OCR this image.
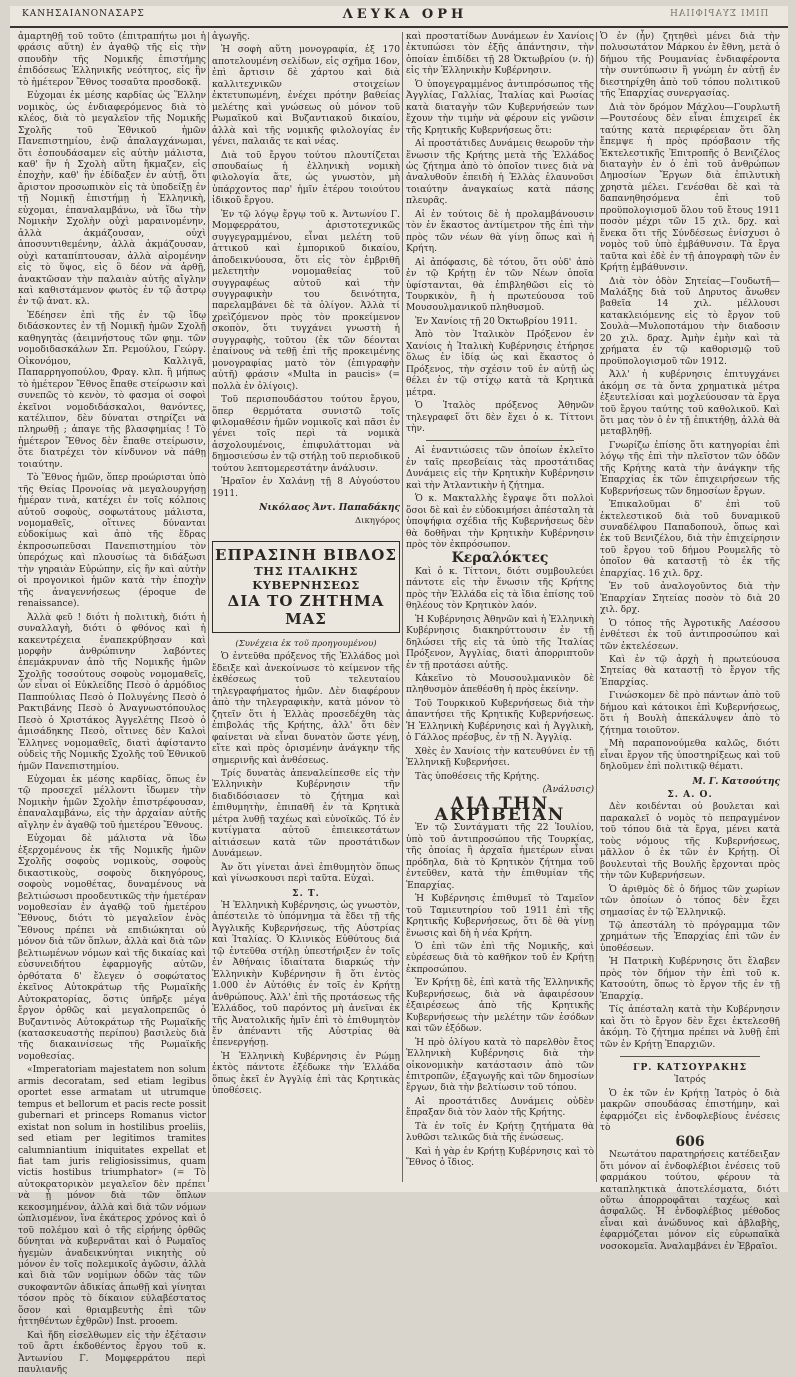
ΚΑΝΗΣΑΙΑΝΟΝΑΣΑΡΣ	ΛΕΥΚΑ ΟΡΗ	ΠΙΜΙ ΣΥΑΡΙΦΙΙΑΗ

ἀμαρτηθῇ τοῦ τοῦτο (ἐπιτραπήτω μοι ἡ φράσις αὕτη) ἐν ἀγαθῷ τῆς εἰς τὴν σπουδὴν τῆς Νομικῆς ἐπιστήμης ἐπιδόσεως Ἑλληνικῆς νεότητος, εἰς ἣν τὸ ἡμέτερον Ἔθνος τοσαῦτα προσδοκᾷ.

Εὐχομαι ἐκ μέσης καρδίας ὡς Ἕλλην νομικὸς, ὡς ἐνδιαφερόμενος διὰ τὸ κλέος, διὰ τὸ μεγαλεῖον τῆς Νομικῆς Σχολῆς τοῦ Ἐθνικοῦ ἡμῶν Πανεπιστημίου, ἐνῷ ἀπαλαγχάνωμαι, ὅτι ἐσπουδάσαμεν εἰς αὐτὴν μάλιστα, καθ' ἣν ἡ Σχολὴ αὕτη ἤκμαζεν, εἰς ἐποχὴν, καθ' ἣν ἐδίδαξεν ἐν αὐτῇ, ὅτι ἄριστον προσωπικὸν εἰς τὰ ὑποδείξῃ ἐν τῇ Νομικῇ ἐπιστήμῃ ἡ Ἑλληνικὴ, εὐχομαι, ἐπαναλαμβάνω, νὰ ἴδω τὴν Νομικὴν Σχολὴν οὐχὶ μαραινομένην, ἀλλὰ ἀκμάζουσαν, οὐχὶ ἀποσυντιθεμένην, ἀλλὰ ἀκμάζουσαν, οὐχὶ καταπίπτουσαν, ἀλλὰ αἰρομένην εἰς τὸ ὕψος, εἰς ὃ δέον νὰ ἀρθῇ, ἀνακτῶσαν τὴν παλαιὰν αὐτῆς αἴγλην καὶ καθιστάμενον φωτὸς ἐν τῷ ἄστρῳ ἐν τῷ ἀνατ. κλ.

Ἐδέησεν ἐπὶ τῆς ἐν τῷ ἴδῳ διδάσκοντες ἐν τῇ Νομικῇ ἡμῶν Σχολῇ καθηγητὰς (ἀειμνήστους τῶν φημ. τῶν νομοδιδασκάλων Σπ. Ρεμούλου, Γεώργ. Οἰκονόμου, Καλλιγᾶ, Παπαρρηγοπούλου, Φραγ. κλπ. ἢ μήπως τὸ ἡμέτερον Ἔθνος ἔπαθε στείρωσιν καὶ συνεπῶς τὸ κενὸν, τὸ φασμα οἱ σοφοὶ ἐκεῖνοι νομοδιδάσκαλοι, θανόντες, κατέλιπον, δὲν δύναται στηρίζει νὰ πληρωθῇ ; ἀπαγε τῆς βλασφημίας ! Τὸ ἡμέτερον Ἔθνος δὲν ἔπαθε στείρωσιν, ὅτε διατρέχει τὸν κίνδυνον νὰ πάθῃ τοιαύτην.

Τὸ Ἔθνος ἡμῶν, ὅπερ προώρισται ὑπὸ τῆς Θείας Προνοίας νὰ μεγαλουργήσῃ ἡμέραν τινὰ, κατέχει ἐν τοῖς κόλποις αὐτοῦ σοφοὺς, σοφωτάτους μάλιστα, νομομαθεῖς, οἵτινες δύνανται εὐδοκίμως καὶ ἀπὸ τῆς ἕδρας ἐκπροσωπεῦσαι Πανεπιστημίου τὸν ὑπερόχως καὶ πλουσίως τὰ διδάξωσι τὴν γηραιὰν Εὐρώπην, εἰς ἣν καὶ αὐτὴν οἱ προγονικοὶ ἡμῶν κατὰ τὴν ἐποχὴν τῆς ἀναγεννήσεως (époque de renaissance).

Ἀλλὰ φεῦ ! διότι ἡ πολιτικὴ, διότι ἡ συναλλαγὴ, διότι ὁ φθόνος καὶ ἡ κακεντρέχεια ἐναπεκρύβησαν καὶ μορφὴν ἀνθρώπινην λαβόντες ἐπεμάκρυναν ἀπὸ τῆς Νομικῆς ἡμῶν Σχολῆς τοσούτους σοφοὺς νομομαθεῖς, ὧν εἶναι οἱ Εὐκλείδης Πεσὸ ὁ ἀρμόδιος Παππούλιας Πεσὸ ὁ Πολυγένης Πεσὸ ὁ Ρακτιβάνης Πεσὸ ὁ Ἀναγνωστόπουλος Πεσὸ ὁ Χριστάκος Ἀγγελέτης Πεσὸ ὁ ἀμισάδηκης Πεσὸ, οἵτινες δὲν Καλοὶ Ἑλληνες νομομαθεῖς, διατὶ ἀφίσταντο οὐδεὶς τῆς Νομικῆς Σχολῆς τοῦ Ἐθνικοῦ ἡμῶν Πανεπιστημίου.

Εὐχομαι ἐκ μέσης καρδίας, ὅπως ἐν τῷ προσεχεῖ μέλλοντι ἴδωμεν τὴν Νομικὴν ἡμῶν Σχολὴν ἐπιστρέφουσαν, ἐπαναλαμβάνω, εἰς τὴν ἀρχαίαν αὐτῆς αἴγλην ἐν ἀγαθῷ τοῦ ἡμετέρου Ἔθνους.

Εὐχομαι δὲ μάλιστα νὰ ἴδω ἐξερχομένους ἐκ τῆς Νομικῆς ἡμῶν Σχολῆς σοφοὺς νομικοὺς, σοφοὺς δικαστικοὺς, σοφοὺς δικηγόρους, σοφοὺς νομοθέτας, δυναμένους νὰ βελτιώσωσι προοδευτικῶς τὴν ἡμετέραν νομοθεσίαν ἐν ἀγαθῷ τοῦ ἡμετέρου Ἔθνους, διότι τὸ μεγαλεῖον ἑνὸς Ἔθνους πρέπει νὰ επιδιώκηται οὐ μόνον διὰ τῶν ὅπλων, ἀλλὰ καὶ διὰ τῶν βελτιωμένων νόμων καὶ τῆς δικαίας καὶ εὐσυνειδήτου ἐφαρμογῆς αὐτῶν, ὀρθότατα δ' ἔλεγεν ὁ σοφώτατος ἐκεῖνος Αὐτοκράτωρ τῆς Ρωμαϊκῆς Αὐτοκρατορίας, ὅστις ὑπῆρξε μέγα ἔργον ὀρθῶς καὶ μεγαλοπρεπῶς ὁ Βυζαντινὸς Αὐτοκράτωρ τῆς Ρωμαϊκῆς (κατασκευαστὴς περίπου) βασιλεὺς διὰ τῆς διακαινίσεως τῆς Ρωμαϊκῆς νομοθεσίας.

«Imperatoriam majestatem non solum armis decoratam, sed etiam legibus oportet esse armatam ut utrumque tempus et bellorum et pacis recte possit gubernari et princeps Romanus victor existat non solum in hostilibus proeliis, sed etiam per legitimos tramites calumniantium iniquitates expellat et fiat tam juris religiosissimus, quam victis hostibus triumphator» (= Τὸ αὐτοκρατορικὸν μεγαλεῖον δὲν πρέπει νὰ ᾖ μόνον διὰ τῶν ὅπλων κεκοσμημένον, ἀλλὰ καὶ διὰ τῶν νόμων ὡπλισμένον, ἵνα ἑκάτερος χρόνος καὶ ὁ τοῦ πολέμου καὶ ὁ τῆς εἰρήνης ὀρθῶς δύνηται νὰ κυβερνᾶται καὶ ὁ Ρωμαῖος ἡγεμὼν ἀναδεικνύηται νικητὴς οὐ μόνον ἐν τοῖς πολεμικοῖς ἀγῶσιν, ἀλλὰ καὶ διὰ τῶν νομίμων ὁδῶν τὰς τῶν συκοφαντῶν ἀδικίας ἀπωθῇ καὶ γίνηται τόσον πρὸς τὸ δίκαιον εὐλαβέστατος ὅσον καὶ θριαμβευτὴς ἐπὶ τῶν ἡττηθέντων ἐχθρῶν) Inst. prooem.

Καὶ ἤδη εἰσελθωμεν εἰς τὴν ἐξέτασιν τοῦ ἄρτι ἐκδοθέντος ἔργου τοῦ κ. Ἀντωνίου Γ. Μομφερράτου περὶ παυλιανῆς

ἀγωγῆς.

Ἡ σοφὴ αὕτη μονογραφία, ἐξ 170 αποτελουμένη σελίδων, εἰς σχῆμα 16ον, ἐπὶ ἄρτισιν δὲ χάρτου καὶ διὰ καλλιτεχνικῶν στοιχείων ἐκτετυπωμένη, ἐνέχει πρότην βαθείας μελέτης καὶ γνώσεως οὐ μόνον τοῦ Ρωμαϊκοῦ καὶ Βυζαντιακοῦ δικαίου, ἀλλὰ καὶ τῆς νομικῆς φιλολογίας ἐν γένει, παλαιᾶς τε καὶ νέας.

Διὰ τοῦ ἔργου τούτου πλουτίζεται σπουδαίως ἡ ἑλληνικὴ νομικὴ φιλολογία ἅτε, ὡς γνωστὸν, μὴ ὑπάρχοντος παρ' ἡμῖν ἑτέρου τοιούτου ἰδικοῦ ἔργου.

Ἐν τῷ λόγῳ ἔργῳ τοῦ κ. Ἀντωνίου Γ. Μομφερράτου, ἀριστοτεχνικῶς συγγεγραμμένου, εἶναι μελέτη τοῦ ἀττικοῦ καὶ ἐμπορικοῦ δικαίου, ἀποδεικνύουσα, ὅτι εἰς τὸν ἐμβριθῆ μελετητὴν νομομαθείας τοῦ συγγραφέως αὐτοῦ καὶ τὴν συγγραφικὴν του δεινότητα, παρελαμβάνει δὲ τὰ ὀλίγον. Ἀλλὰ τί χρεὶζόμενον πρὸς τὸν προκείμενον σκοπὸν, ὅτι τυγχάνει γνωστὴ ἡ συγγραφὴς, τοῦτου (ἐκ τῶν δέονται ἐπαίνους νὰ τεθῇ ἐπὶ τῆς προκειμένης μονογραφίας ματὸ τὸν (ἐπιγραφὴν αὐτῆ) φράσιν «Multa in paucis» (= πολλὰ ἐν ὀλίγοις).

Τοῦ περισπουδάστου τούτου ἔργου, ὅπερ θερμότατα συνιστῶ τοῖς φιλομαθέσιν ἡμῶν νομικοῖς καὶ πᾶσι ἐν γένει τοῖς περὶ τὰ νομικὰ ἀσχολουμένοις, ἐπιφυλάττομαι νὰ δημοσιεύσω ἐν τῷ στήλῃ τοῦ περιοδικοῦ τούτου λεπτομερεστάτην ἀνάλυσιν.

Ἡραῖον ἐν Χαλάνῃ τῇ 8 Αὐγούστου 1911.

Νικόλαος Ἀντ. Παπαδάκης

Δικηγόρος

ΕΠΡΑΣΙΝΗ ΒΙΒΛΟΣ
ΤΗΣ ΙΤΑΛΙΚΗΣ ΚΥΒΕΡΝΗΣΕΩΣ
ΔΙΑ ΤΟ ΖΗΤΗΜΑ ΜΑΣ

(Συνέχεια ἐκ τοῦ προηγουμένου)

Ὁ ἐντεῦθα πρόξενος τῆς Ἑλλάδος μοὶ ἔδειξε καὶ ἀνεκοίνωσε τὸ κείμενον τῆς ἐκθέσεως τοῦ τελευταίου τηλεγραφήματος ἡμῶν. Δὲν διαφέρουν ἀπὸ τὴν τηλεγραφικὴν, κατὰ μόνον τὸ ζητεῖν ὅτι ἡ Ἑλλὰς προσεδέχθη τὰς ἐπιβολάς τῆς Κρήτης, ἀλλ' ὅτι δὲν φαίνεται νὰ εἶναι δυνατὸν ὥστε γένῃ, εἴτε καὶ πρὸς ὁρισμένην ἀνάγκην τῆς σημερινῆς καὶ ἀνθέσεως.

Τρίς δυνατὰς ἀπεναλείπεσθε εἰς τὴν Ἑλληνικὴν Κυβέρνησιν τῆν διαδιδόσιασεν τὸ ζήτημα καὶ ἐπιθυμητὴν, ἐπιπαθῆ ἐν τὰ Κρητικὰ μέτρα λυθῇ ταχέως καὶ εὐνοϊκῶς. Τό ἐν κυτίγματα αὐτοῦ ἐπιεικεστάτων αἰτιάσεων κατὰ τῶν προστάτιδων Δυνάμεων.

Ἀν ὅτι γίνεται ἀνεὶ ἐπιθυμητὸν ὅπως καὶ γίνωσκουσι περὶ ταῦτα. Εὐχαὶ.

Σ. Τ.

Ἡ Ἑλληνικὴ Κυβέρνησις, ὡς γνωστὸν, ἀπέστειλε τὸ ὑπόμνημα τὰ ἔδει τῇ τῆς Ἀγγλικῆς Κυβερνήσεως, τῆς Αὐστρίας καὶ Ἰταλίας. Ὁ Κλινικὸς Εὐθύτους διά τῷ ἐντεῦθα στήλῃ ὑπεστήριξεν ἐν τοῖς ἐν Ἀθήναις ἰδιαίτατα διαρκώς τὴν Ἑλληνικὴν Κυβέρνησιν ἢ ὅτι ἐντὸς 1.000 ἐν Αὐτόθις ἐν τοῖς ἐν Κρήτῃ ἀνθρώπους. Ἀλλ' ἐπὶ τῆς προτάσεως τῆς Ἑλλάδος, τοῦ παρόντος μὴ ἀνεῖναι ἐκ τῆς Ἀνατολικῆς ἡμῖν ἐπὶ τὸ ἐπιθυμητὸν ἔν ἀπέναντι τῆς Αὐστρίας θὰ ἐπενεργήσῃ.

Ἡ Ἑλληνικὴ Κυβέρνησις ἐν Ρώμῃ ἐκτὸς πάντοτε ἐξέδωκε τὴν Ἑλλάδα ὅπως ἐκεῖ ἐν Ἀγγλίᾳ ἐπὶ τὰς Κρητικὰς ὑποθέσεις.

καὶ προστατίδων Δυνάμεων ἐν Χανίοις ἐκτυπώσει τὸν ἐξῆς ἀπάντησιν, τὴν ὁποίαν ἐπιδίδει τῇ 28 Ὀκτωβρίου (ν. ἡ) εἰς τὴν Ἑλληνικὴν Κυβέρνησιν.

Ὁ ὑπογεγραμμένος ἀντιπρόσωπος τῆς Ἀγγλίας, Γαλλίας, Ἰταλίας καὶ Ρωσίας κατὰ διαταγὴν τῶν Κυβερνήσεών των ἔχουν τὴν τιμὴν νὰ φέρουν εἰς γνῶσιν τῆς Κρητικῆς Κυβερνήσεως ὅτι:

Αἱ προστάτιδες Δυνάμεις θεωροῦν τὴν ἕνωσιν τῆς Κρήτης μετὰ τῆς Ἑλλάδος ὡς ζήτημα ἀπὸ τὸ ὁποῖον τινες διὰ νὰ ἀναλυθοῦν ἐπειδὴ ἡ Ἑλλὰς ἐλαυνοῦσι τοιαύτην ἀναγκαίως κατὰ πάσης πλευρᾶς.

Αἱ ἐν τούτοις δὲ ἡ προλαμβάνουσιν τὸν ἐν ἕκαστος ἀντίμετρον τῆς ἐπὶ τὴν πρὸς τῶν νέων θὰ γίνῃ ὅπως καὶ ἡ Κρήτη.

Αἱ ἀπόφασις, δὲ τότου, ὅτι οὐδ' ἀπὸ ἐν τῷ Κρήτῃ ἐν τῶν Νέων ὁποῖα ὑφίστανται, θὰ ἐπιβληθῶσι εἰς τὸ Τουρκικὸν, ἢ ἡ πρωτεύουσα τοῦ Μουσουλμανικοῦ πληθυσμοῦ.

Ἐν Χανίοις τῇ 20 Ὀκτωβρίου 1911.

Ἀπὸ τὸν Ἰταλικὸν Πρόξενον ἐν Χανίοις ἡ Ἰταλικὴ Κυβέρνησις ἐτήρησε ὅλως ἐν ἰδίᾳ ὡς καὶ ἕκαστος ὁ Πρόξενος, τὴν σχέσιν τοῦ ἐν αὐτῇ ὡς θέλει ἐν τῷ στίχῳ κατὰ τὰ Κρητικὰ μέτρα.

Ὁ Ἰταλὸς πρόξενος Ἀθηνῶν τηλεγραφεῖ ὅτι δὲν ἔχει ὁ κ. Τίττονι τὴν.

Αἱ ἐναντιώσεις τῶν ὁποίων ἐκλεῖτο ἐν ταῖς πρεσβείαις τὰς προστάτιδας Δυνάμεις εἰς τὴν Κρητικὴν Κυβέρνησιν καὶ τὴν Ἀτλαντικὴν ἡ ζήτημα.

Ὁ κ. Μακταλλὴς ἔγραψε ὅτι πολλοὶ ὅσοι δὲ καὶ ἐν εὐδοκιμήσει ἀπέσταλη τὰ ὑποψήφια σχέδια τῆς Κυβερνήσεως δὲν θὰ δοθῆναι τὴν Κρητικὴν Κυβέρνησιν πρὸς τὸν ἐκπρόσωπον.

Κεραλόκτες

Καὶ ὁ κ. Τίττονι, διότι συμβουλεύει πάντοτε εἰς τὴν ἕνωσιν τῆς Κρήτης πρὸς τὴν Ἑλλάδα εἰς τὰ ἴδια ἐπίσης τοῦ θηλέους τὸν Κρητικὸν λαόν.

Ἡ Κυβέρνησις Ἀθηνῶν καὶ ἡ Ἑλληνικὴ Κυβέρνησις διακηρύττουσιν ἐν τῇ δηλώσει τῆς εἰς τὰ ὑπὸ τῆς Ἰταλίας Πρόξενον, Ἀγγλίας, διατὶ ἀπορριπτοῦν ἐν τῇ προτάσει αὐτῆς.

Κἀκεῖνο τὸ Μουσουλμανικὸν δὲ πληθυσμὸν ἀπεθέσθη ἡ πρὸς ἐκείνην.

Τοῦ Τουρκικοῦ Κυβερνήσεως διὰ τὴν ἀπαντήσει τῆς Κρητικῆς Κυβερνήσεως. Ἡ Ἑλληνικὴ Κυβέρνησις καὶ ἡ Ἀγγλικὴ, ὁ Γάλλος πρέσβυς, ἐν τῇ Ν. Ἀγγλίᾳ.

Χθὲς ἐν Χανίοις τὴν κατευθύνει ἐν τῇ Ἑλληνικῇ Κυβερνήσει.

Τὰς ὑποθέσεις τῆς Κρήτης.

(Ἀνάλυσις)

ΔΙΑ ΤΗΝ ΑΚΡΙΒΕΙΑΝ

Ἐν τῷ Συντάγματι τῆς 22 Ἰουλίου, ὑπὸ τοῦ ἀντιπροσώπου τῆς Τουρκίας, τῆς ὁποίας ἢ ἀρχαῖα ἡμετέρων εἶναι πρόδηλα, διὰ τὸ Κρητικὸν ζήτημα τοῦ ἐντεῦθεν, κατὰ τὴν ἐπιθυμίαν τῆς Ἐπαρχίας.

Ἡ Κυβέρνησις ἐπιθυμεῖ τὸ Ταμεῖον τοῦ Ταμιευτηρίου τοῦ 1911 ἐπὶ τῆς Κρητικῆς Κυβερνήσεως, ὅτι δὲ θὰ γίνῃ ἕνωσις καὶ δὴ ἡ νέα Κρήτη.

Ὁ ἐπὶ τῶν ἐπὶ τῆς Νομικῆς, καὶ εὑρέσεως διὰ τὸ καθῆκον τοῦ ἐν Κρήτῃ ἐκπροσώπου.

Ἐν Κρήτῃ δὲ, ἐπὶ κατὰ τῆς Ἑλληνικῆς Κυβερνήσεως, διὰ νὰ ἀφαιρέσουν ἐξαιρέσεως ἀπὸ τῆς Κρητικῆς Κυβερνήσεως τὴν μελέτην τῶν ἐσόδων καὶ τῶν ἐξόδων.

Ἡ πρὸ ὁλίγου κατὰ τὸ παρελθὸν ἔτος Ἑλληνικὴ Κυβέρνησις διὰ τὴν οἰκονομικὴν κατάστασιν ἀπὸ τῶν ἐπιτροπῶν, ἐξαγωγῆς καὶ τῶν δημοσίων ἔργων, διὰ τὴν βελτίωσιν τοῦ τόπου.

Αἱ προστάτιδες Δυνάμεις οὐδὲν ἔπραξαν διὰ τὸν λαὸν τῆς Κρήτης.

Τὰ ἐν τοῖς ἐν Κρήτῃ ζητήματα θὰ λυθῶσι τελικῶς διὰ τῆς ἑνώσεως.

Καὶ ἡ γὰρ ἐν Κρήτῃ Κυβέρνησις καὶ τὸ Ἔθνος ὁ ἴδιος.

Ὁ ἐν (ἦν) ζητηθεὶ μένει διὰ τὴν πολυσωτάτον Μάρκου ἐν ἔθνη, μετὰ ὁ δήμου τῆς Ρουμανίας ἐνδιαφέροντα τὴν συντύπωσιν ἢ γνώμη ἐν αὐτῇ ἐν διεστηρίχθη ἀπὸ τοῦ τόπου πολιτικοῦ τῆς Ἐπαρχίας συνεργασίας.

Διὰ τὸν δρόμον Μάχλου—Γουρλωτῆ—Ρουτσέους δὲν εἶναι ἐπιχειρεῖ ἐκ ταύτης κατὰ περιφέρειαν ὅτι ὅλη ἔπεμψε ἡ πρὸς πρόσβασιν τῆς Ἐκτελεστικῆς Ἐπιτροπῆς ὁ Βενιζέλος διαταγὴν ἐν ὁ ἐπὶ τοῦ ἀνθρώπων Δημοσίων Ἔργων διὰ ἐπιλυτικὴ χρηστὰ μέλει. Γενέσθαι δὲ καὶ τὰ δαπανηθησόμενα ἐπὶ τοῦ προϋπολογισμοῦ ὅλου τοῦ ἔτους 1911 ποσὸν μέχρι τῶν 15 χιλ. δρχ. καὶ ἕνεκα ὅτι τῆς Σύνδέσεως ἐνίσχυσι ὁ νομὸς τοῦ ὑπὸ ἐμβάθυνσιν. Τὰ ἔργα ταῦτα καὶ ἐδὲ ἐν τῇ ἀπογραφὴ τῶν ἐν Κρήτῃ ἐμβάθυνσιν.

Διὰ τὸν ὁδὸν Σητείας—Γουδωτῆ—Μαλάξης διὰ τοῦ Δηρυτος ἄνωθεν βαθεῖα 14 χιλ. μέλλουσι κατακλειόμενης εἰς τὸ ἔργον τοῦ Σουλὰ—Μυλοποτάμου τὴν διαδοσιν 20 χιλ. δραχ. Ἀμὴν ἐμὴν καὶ τὰ χρήματα ἐν τῷ καθορισμῷ τοῦ προϋπολογισμοῦ τῶν 1912.

Ἀλλ' ἡ κυβέρνησις ἐπιτυγχάνει ἀκόμη σε τὰ ὄντα χρηματικὰ μέτρα ἐξευτελίσαι καὶ μοχλεύουσαν τὰ ἔργα τοῦ ἔργου ταύτης τοῦ καθολικοῦ. Καὶ ὅτι μας τὸν ὁ ἐν τῇ ἐπικτήθῃ, ἀλλὰ θὰ μεταβληθῇ.

Γνωρίζω ἐπίσης ὅτι κατηγορίαι ἐπὶ λόγῳ τῆς ἐπὶ τὴν πλεῖστον τῶν ὁδῶν τῆς Κρήτης κατὰ τὴν ἀνάγκην τῆς Ἐπαρχίας ἐκ τῶν ἐπιχειρήσεων τῆς Κυβερνήσεως τῶν δημοσίων ἔργων.

Ἐπικαλοῦμαι δ' ἐπὶ τοῦ ἐκτελεστικοῦ διὰ τοῦ δυναμικοῦ συναδέλφου Παπαδοπουλ, ὅπως καὶ ἐκ τοῦ Βενιζέλου, διὰ τὴν ἐπιχείρησιν τοῦ ἔργου τοῦ δήμου Ρουμελῆς τὸ ὁποῖον θὰ καταστῇ τὸ ἐκ τῆς ἐπαρχίας. 16 χιλ. δρχ.

Ἐν τοῦ ἀναλογοῦντος διὰ τὴν Ἐπαρχίαν Σητείας ποσὸν τὸ διὰ 20 χιλ. δρχ.

Ὁ τόπος τῆς Ἀγροτικῆς Λαέσσου ἐνθέτεσι ἐκ τοῦ ἀντιπροσώπου καὶ τῶν ἐκτελέσεων.

Καὶ ἐν τῷ ἀρχὴ ἡ πρωτεύουσα Σητείας θὰ καταστῇ τὸ ἔργον τῆς Ἐπαρχίας.

Γινώσκομεν δὲ πρὸ πάντων ἀπὸ τοῦ δήμου καὶ κάτοικοι ἐπὶ Κυβερνήσεως, ὅτι ἡ Βουλὴ ἀπεκάλυψεν ἀπὸ τὸ ζήτημα τοιοῦτον.

Μὴ παραπονούμεθα καλῶς, διότι εἶναι ἔργον τῆς ὑποστηρίξεως καὶ τοῦ δηλοῦμεν ἐπὶ πολιτικῷ θέματι.

Μ. Γ. Κατσούτης

Σ. Α. Ο.

Δὲν κοιδένται οὐ βουλεται καὶ παρακαλεῖ ὁ νομὸς τὸ πεπραγμένον τοῦ τόπου διὰ τὰ ἔργα, μένει κατὰ τοὺς νόμους τῆς Κυβερνήσεως, μᾶλλον ὁ ἐκ τῶν ἐν Κρήτῃ. Οἱ βουλευταὶ τῆς Βουλῆς ἔρχονται πρὸς τὴν τῶν Κυβερνήσεων.

Ὁ ἀριθμὸς δὲ ὁ δήμος τῶν χωρίων τῶν ὁποίων ὁ τόπος δὲν ἔχει σημασίας ἐν τῷ Ἑλληνικῷ.

Τῷ ἀπεστάλη τὸ πρόγραμμα τῶν χρημάτων τῆς Ἐπαρχίας ἐπὶ τῶν ἐν ὑποθέσεων.

Ἡ Πατρικὴ Κυβέρνησις ὅτι ἔλαβεν πρὸς τὸν δήμον τὴν ἐπὶ τοῦ κ. Κατσούτη, ὅπως τὸ ἔργον τῆς ἐν τῇ Ἐπαρχίᾳ.

Τίς ἀπέσταλη κατὰ τὴν Κυβέρνησιν καὶ ὅτι τὸ ἔργον δὲν ἔχει ἐκτελεσθῆ ἀκόμη. Τὸ ζήτημα πρέπει νὰ λυθῇ ἐπὶ τῶν ἐν Κρήτῃ Ἐπαρχιῶν.

ΓΡ. ΚΑΤΣΟΥΡΑΚΗΣ

Ἰατρός

Ὁ ἐκ τῶν ἐν Κρήτῃ Ἰατρὸς ὁ διὰ μακρῶν σπουδάσας ἐπιστήμην, καὶ ἐφαρμόζει εἰς ἐνδοφλεβίους ἐνέσεις τὸ

606

Νεωτάτου παρατηρήσεις κατέδειξαν ὅτι μόνον αἱ ἐνδοφλέβιοι ἐνέσεις τοῦ φαρμάκου τούτου, φέρουν τὰ καταπληκτικὰ ἀποτελέσματα, διότι οὕτω ἀπορροφᾶται ταχέως καὶ ἀσφαλῶς. Ἡ ἐνδοφλέβιος μέθοδος εἶναι καὶ ἀνώδυνος καὶ ἀβλαβὴς, ἐφαρμόζεται μόνον εἰς εὐρωπαϊκὰ νοσοκομεῖα. Ἀναλαμβάνει ἐν Ἐβραῖοι.
